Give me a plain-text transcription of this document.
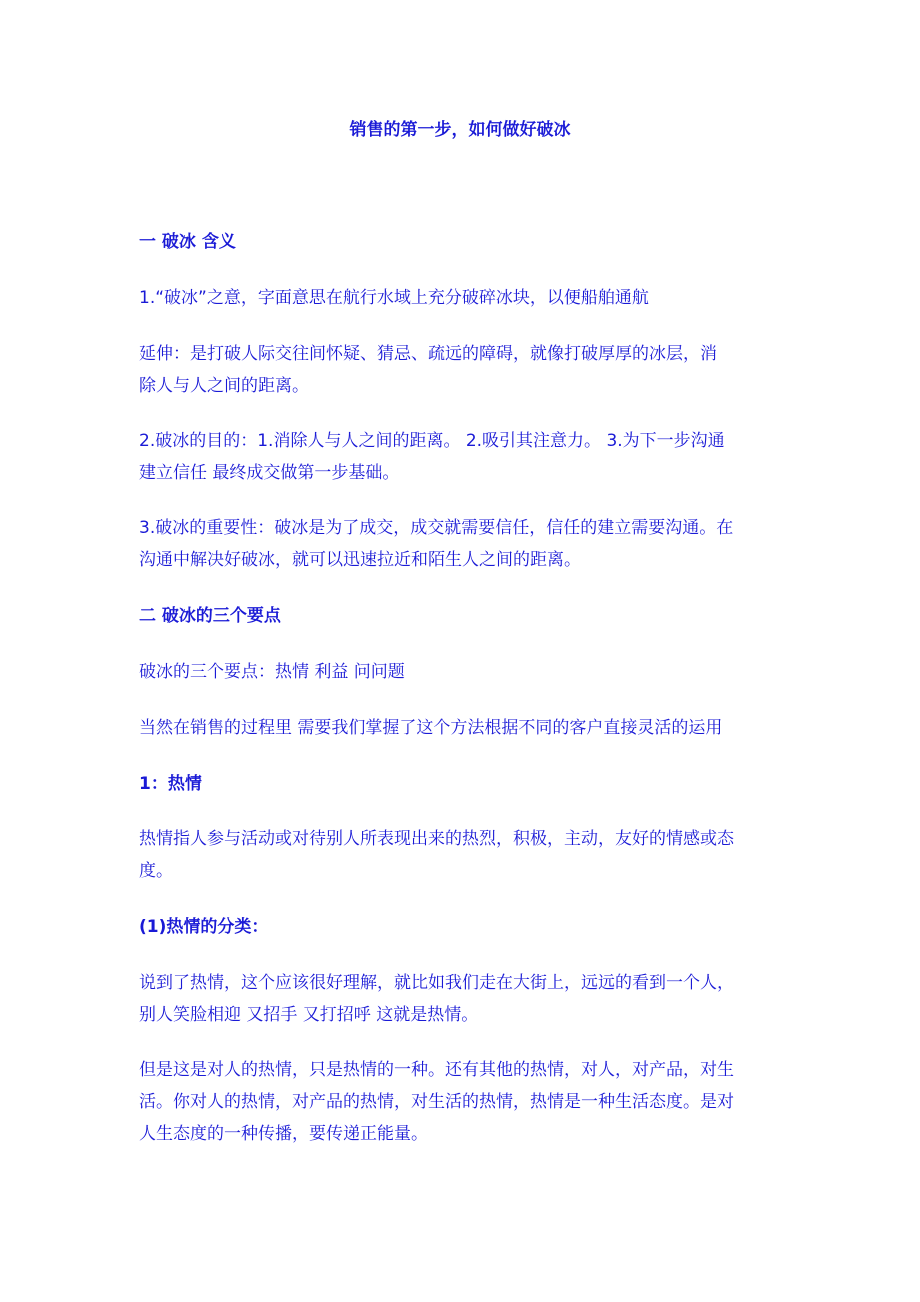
销售的第一步，如何做好破冰
一 破冰 含义
1.“破冰”之意，字面意思在航行水域上充分破碎冰块，以便船舶通航
延伸：是打破人际交往间怀疑、猜忌、疏远的障碍，就像打破厚厚的冰层，消
除人与人之间的距离。
2.破冰的目的：1.消除人与人之间的距离。 2.吸引其注意力。 3.为下一步沟通
建立信任 最终成交做第一步基础。
3.破冰的重要性：破冰是为了成交，成交就需要信任，信任的建立需要沟通。在
沟通中解决好破冰，就可以迅速拉近和陌生人之间的距离。
二 破冰的三个要点
破冰的三个要点：热情 利益 问问题
当然在销售的过程里 需要我们掌握了这个方法根据不同的客户直接灵活的运用
1：热情
热情指人参与活动或对待别人所表现出来的热烈，积极，主动，友好的情感或态
度。
(1)热情的分类：
说到了热情，这个应该很好理解，就比如我们走在大街上，远远的看到一个人，
别人笑脸相迎 又招手 又打招呼 这就是热情。
但是这是对人的热情，只是热情的一种。还有其他的热情，对人，对产品，对生
活。你对人的热情，对产品的热情，对生活的热情，热情是一种生活态度。是对
人生态度的一种传播，要传递正能量。
